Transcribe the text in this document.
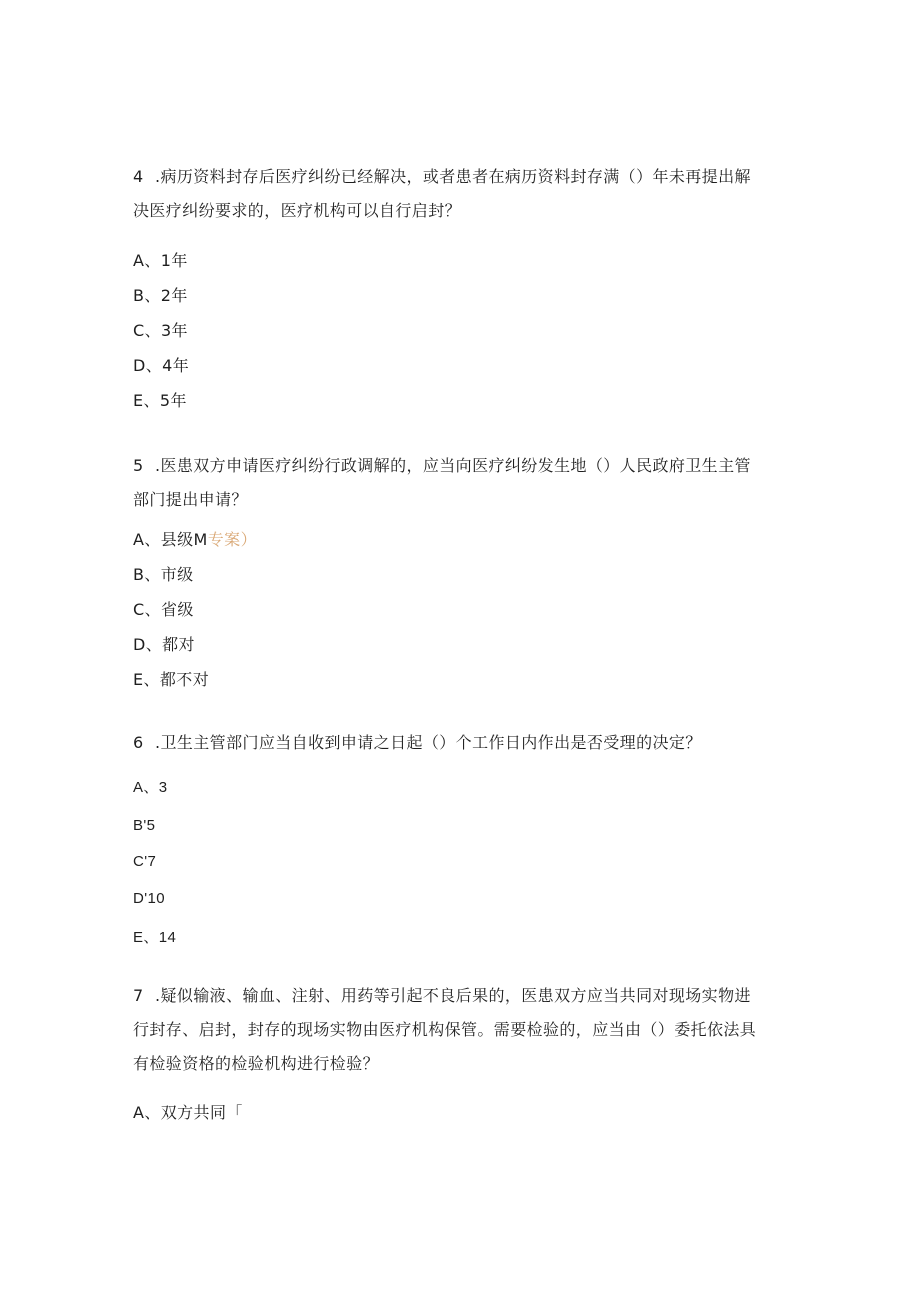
4 .病历资料封存后医疗纠纷已经解决，或者患者在病历资料封存满（）年未再提出解
决医疗纠纷要求的，医疗机构可以自行启封？
A、1年
B、2年
C、3年
D、4年
E、5年
5 .医患双方申请医疗纠纷行政调解的，应当向医疗纠纷发生地（）人民政府卫生主管
部门提出申请？
A、县级M专案）
B、市级
C、省级
D、都对
E、都不对
6 .卫生主管部门应当自收到申请之日起（）个工作日内作出是否受理的决定？
A、3
B'5
C'7
D'10
E、14
7 .疑似输液、输血、注射、用药等引起不良后果的，医患双方应当共同对现场实物进
行封存、启封，封存的现场实物由医疗机构保管。需要检验的，应当由（）委托依法具
有检验资格的检验机构进行检验？
A、双方共同「
